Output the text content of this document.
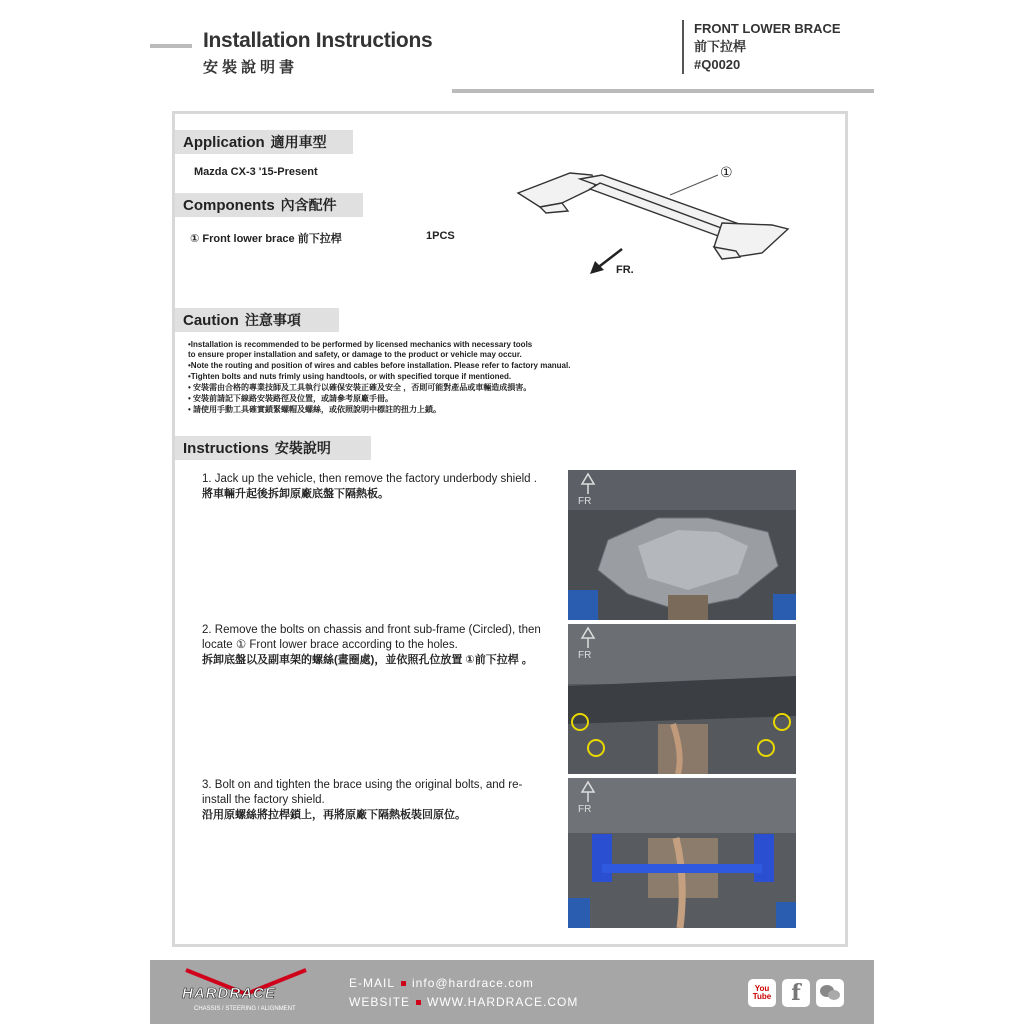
Installation Instructions
安裝說明書
FRONT LOWER BRACE
前下拉桿
#Q0020
Application 適用車型
Mazda CX-3 '15-Present
Components 內含配件
① Front lower brace 前下拉桿	1PCS
①
FR.
Caution 注意事項
•Installation is recommended to be performed by licensed mechanics with necessary tools
to ensure proper installation and safety, or damage to the product or vehicle may occur.
•Note the routing and position of wires and cables before installation. Please refer to factory manual.
•Tighten bolts and nuts frimly using handtools, or with specified torque if mentioned.
• 安裝需由合格的專業技師及工具執行以確保安裝正確及安全 ，否則可能對產品或車輛造成損害。
• 安裝前請記下線路安裝路徑及位置，或請參考原廠手冊。
• 請使用手動工具確實鎖緊螺帽及螺絲，或依照說明中標註的扭力上鎖。
Instructions 安裝說明
1. Jack up the vehicle, then remove the factory underbody shield .
將車輛升起後拆卸原廠底盤下隔熱板。
2. Remove the bolts on chassis and front sub-frame (Circled), then locate ① Front lower brace according to the holes.
拆卸底盤以及副車架的螺絲(畫圈處)，並依照孔位放置 ①前下拉桿 。
3. Bolt on and tighten the brace using the original bolts, and re-install the factory shield.
沿用原螺絲將拉桿鎖上，再將原廠下隔熱板裝回原位。
FR
FR
FR
HARDRACE
CHASSIS / STEERING / ALIGNMENT
E-MAIL info@hardrace.com
WEBSITE WWW.HARDRACE.COM
You Tube f
